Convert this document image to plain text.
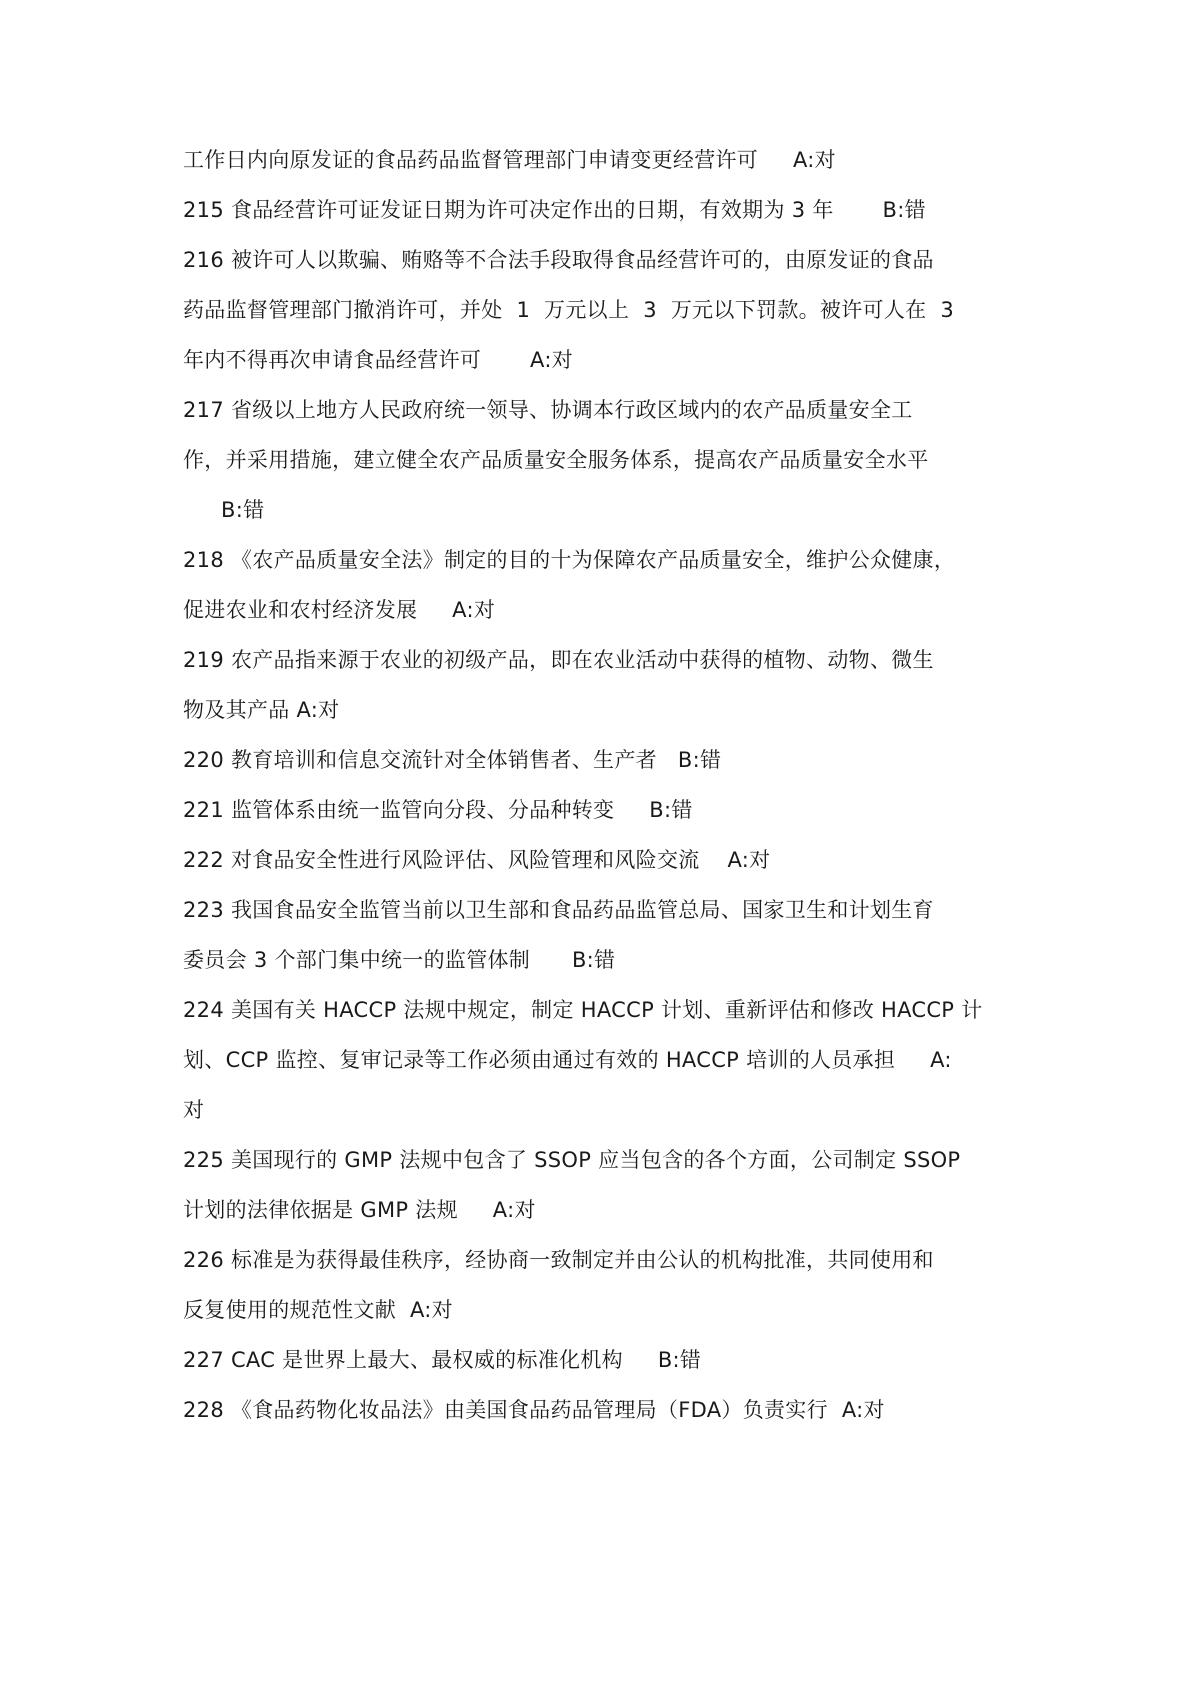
工作日内向原发证的食品药品监督管理部门申请变更经营许可     A:对
215 食品经营许可证发证日期为许可决定作出的日期，有效期为 3 年       B:错
216 被许可人以欺骗、贿赂等不合法手段取得食品经营许可的，由原发证的食品
药品监督管理部门撤消许可，并处  1  万元以上  3  万元以下罚款。被许可人在  3
年内不得再次申请食品经营许可       A:对
217 省级以上地方人民政府统一领导、协调本行政区域内的农产品质量安全工
作，并采用措施，建立健全农产品质量安全服务体系，提高农产品质量安全水平
B:错
218 《农产品质量安全法》制定的目的十为保障农产品质量安全，维护公众健康，
促进农业和农村经济发展     A:对
219 农产品指来源于农业的初级产品，即在农业活动中获得的植物、动物、微生
物及其产品 A:对
220 教育培训和信息交流针对全体销售者、生产者   B:错
221 监管体系由统一监管向分段、分品种转变     B:错
222 对食品安全性进行风险评估、风险管理和风险交流    A:对
223 我国食品安全监管当前以卫生部和食品药品监管总局、国家卫生和计划生育
委员会 3 个部门集中统一的监管体制      B:错
224 美国有关 HACCP 法规中规定，制定 HACCP 计划、重新评估和修改 HACCP 计
划、CCP 监控、复审记录等工作必须由通过有效的 HACCP 培训的人员承担     A:
对
225 美国现行的 GMP 法规中包含了 SSOP 应当包含的各个方面，公司制定 SSOP
计划的法律依据是 GMP 法规     A:对
226 标准是为获得最佳秩序，经协商一致制定并由公认的机构批准，共同使用和
反复使用的规范性文献  A:对
227 CAC 是世界上最大、最权威的标准化机构     B:错
228 《食品药物化妆品法》由美国食品药品管理局（FDA）负责实行  A:对
